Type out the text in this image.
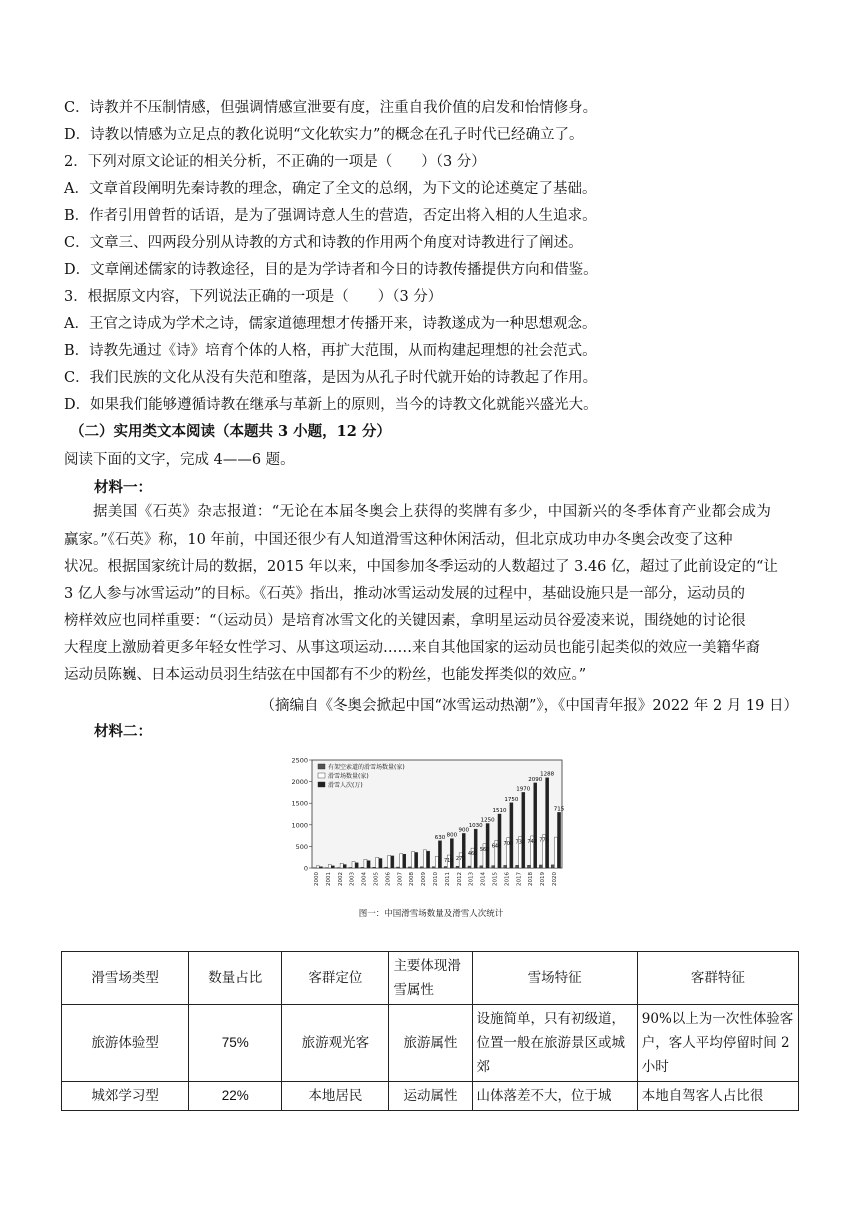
C．诗教并不压制情感，但强调情感宣泄要有度，注重自我价值的启发和怡情修身。
D．诗教以情感为立足点的教化说明“文化软实力”的概念在孔子时代已经确立了。
2．下列对原文论证的相关分析，不正确的一项是（　　）（3 分）
A．文章首段阐明先秦诗教的理念，确定了全文的总纲，为下文的论述奠定了基础。
B．作者引用曾哲的话语，是为了强调诗意人生的营造，否定出将入相的人生追求。
C．文章三、四两段分别从诗教的方式和诗教的作用两个角度对诗教进行了阐述。
D．文章阐述儒家的诗教途径，目的是为学诗者和今日的诗教传播提供方向和借鉴。
3．根据原文内容，下列说法正确的一项是（　　）（3 分）
A．王官之诗成为学术之诗，儒家道德理想才传播开来，诗教遂成为一种思想观念。
B．诗教先通过《诗》培育个体的人格，再扩大范围，从而构建起理想的社会范式。
C．我们民族的文化从没有失范和堕落，是因为从孔子时代就开始的诗教起了作用。
D．如果我们能够遵循诗教在继承与革新上的原则，当今的诗教文化就能兴盛光大。
（二）实用类文本阅读（本题共 3 小题，12 分）
阅读下面的文字，完成 4——6 题。
材料一：
据美国《石英》杂志报道：“无论在本届冬奥会上获得的奖牌有多少，中国新兴的冬季体育产业都会成为
赢家。”《石英》称，10 年前，中国还很少有人知道滑雪这种休闲活动，但北京成功申办冬奥会改变了这种
状况。根据国家统计局的数据，2015 年以来，中国参加冬季运动的人数超过了 3.46 亿，超过了此前设定的“让
3 亿人参与冰雪运动”的目标。《石英》指出，推动冰雪运动发展的过程中，基础设施只是一部分，运动员的
榜样效应也同样重要：“（运动员）是培育冰雪文化的关键因素，拿明星运动员谷爱凌来说，围绕她的讨论很
大程度上激励着更多年轻女性学习、从事这项运动……来自其他国家的运动员也能引起类似的效应一美籍华裔
运动员陈巍、日本运动员羽生结弦在中国都有不少的粉丝，也能发挥类似的效应。”
（摘编自《冬奥会掀起中国“冰雪运动热潮”》，《中国青年报》2022 年 2 月 19 日）
材料二：
0
500
1000
1500
2000
2500
2000 2001 2002 2003 2004 2005 2006 2007 2008 2009 2010 2011 2012 2013 2014 2015 2016 2017 2018 2019 2020
630 800
900
1030
1250
1510
1750
1970
2090
1288
715
715 270
460
560
646 700 732 742 770
有架空索道的滑雪场数量(家)
滑雪场数量(家)
滑雪人次(万)
图一：中国滑雪场数量及滑雪人次统计
滑雪场类型	数量占比	客群定位	主要体现滑雪属性	雪场特征	客群特征
旅游体验型	75%	旅游观光客	旅游属性	设施简单，只有初级道，位置一般在旅游景区或城郊	90%以上为一次性体验客户，客人平均停留时间 2 小时
城郊学习型	22%	本地居民	运动属性	山体落差不大，位于城	本地自驾客人占比很
